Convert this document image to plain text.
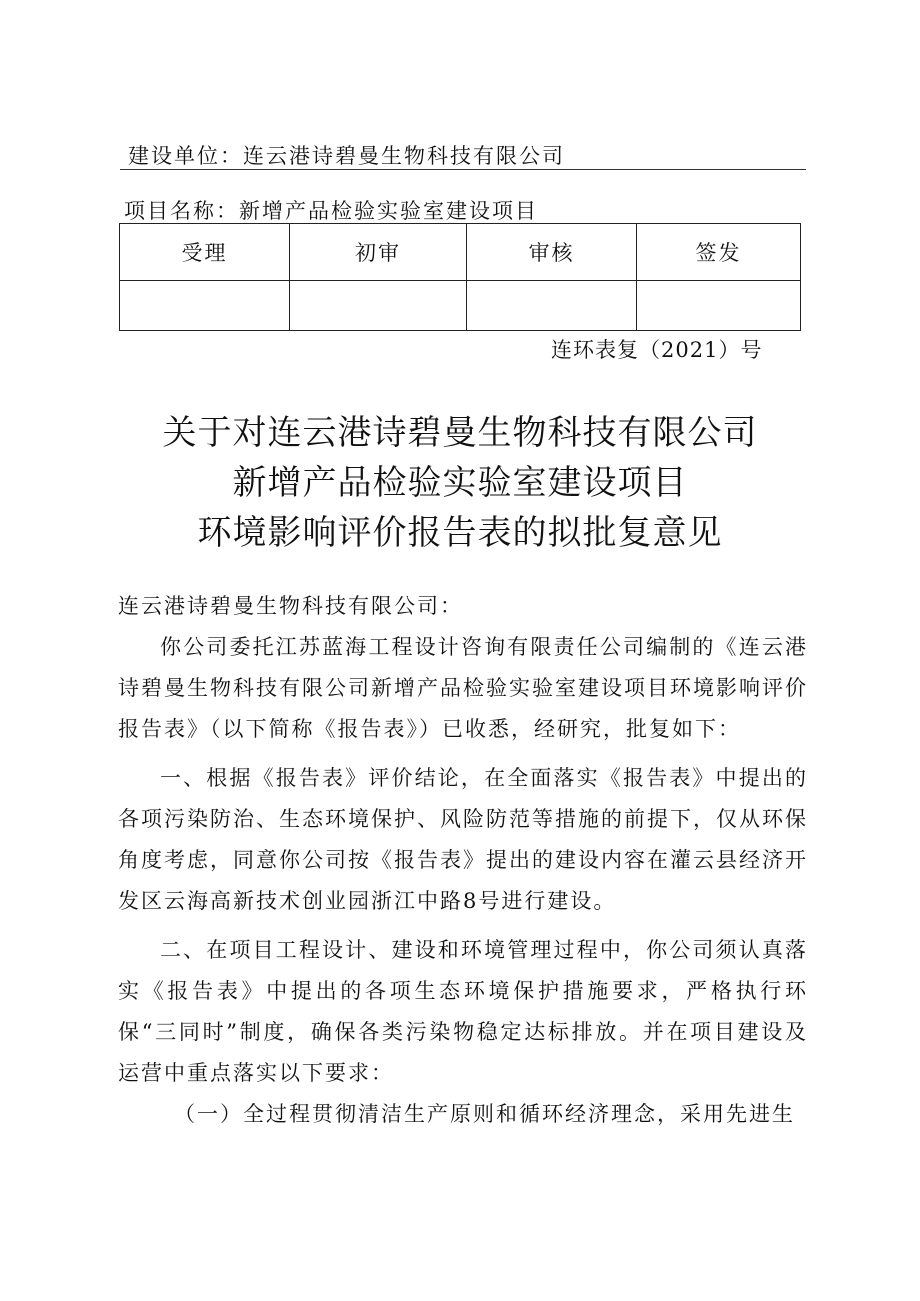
建设单位：连云港诗碧曼生物科技有限公司
项目名称：新增产品检验实验室建设项目
受理	初审	审核	签发

连环表复（2021）号
关于对连云港诗碧曼生物科技有限公司
新增产品检验实验室建设项目
环境影响评价报告表的拟批复意见

连云港诗碧曼生物科技有限公司：

你公司委托江苏蓝海工程设计咨询有限责任公司编制的《连云港诗碧曼生物科技有限公司新增产品检验实验室建设项目环境影响评价报告表》（以下简称《报告表》）已收悉，经研究，批复如下：

一、根据《报告表》评价结论，在全面落实《报告表》中提出的各项污染防治、生态环境保护、风险防范等措施的前提下，仅从环保角度考虑，同意你公司按《报告表》提出的建设内容在灌云县经济开发区云海高新技术创业园浙江中路8号进行建设。

二、在项目工程设计、建设和环境管理过程中，你公司须认真落实《报告表》中提出的各项生态环境保护措施要求，严格执行环保“三同时”制度，确保各类污染物稳定达标排放。并在项目建设及运营中重点落实以下要求：

（一）全过程贯彻清洁生产原则和循环经济理念，采用先进生
